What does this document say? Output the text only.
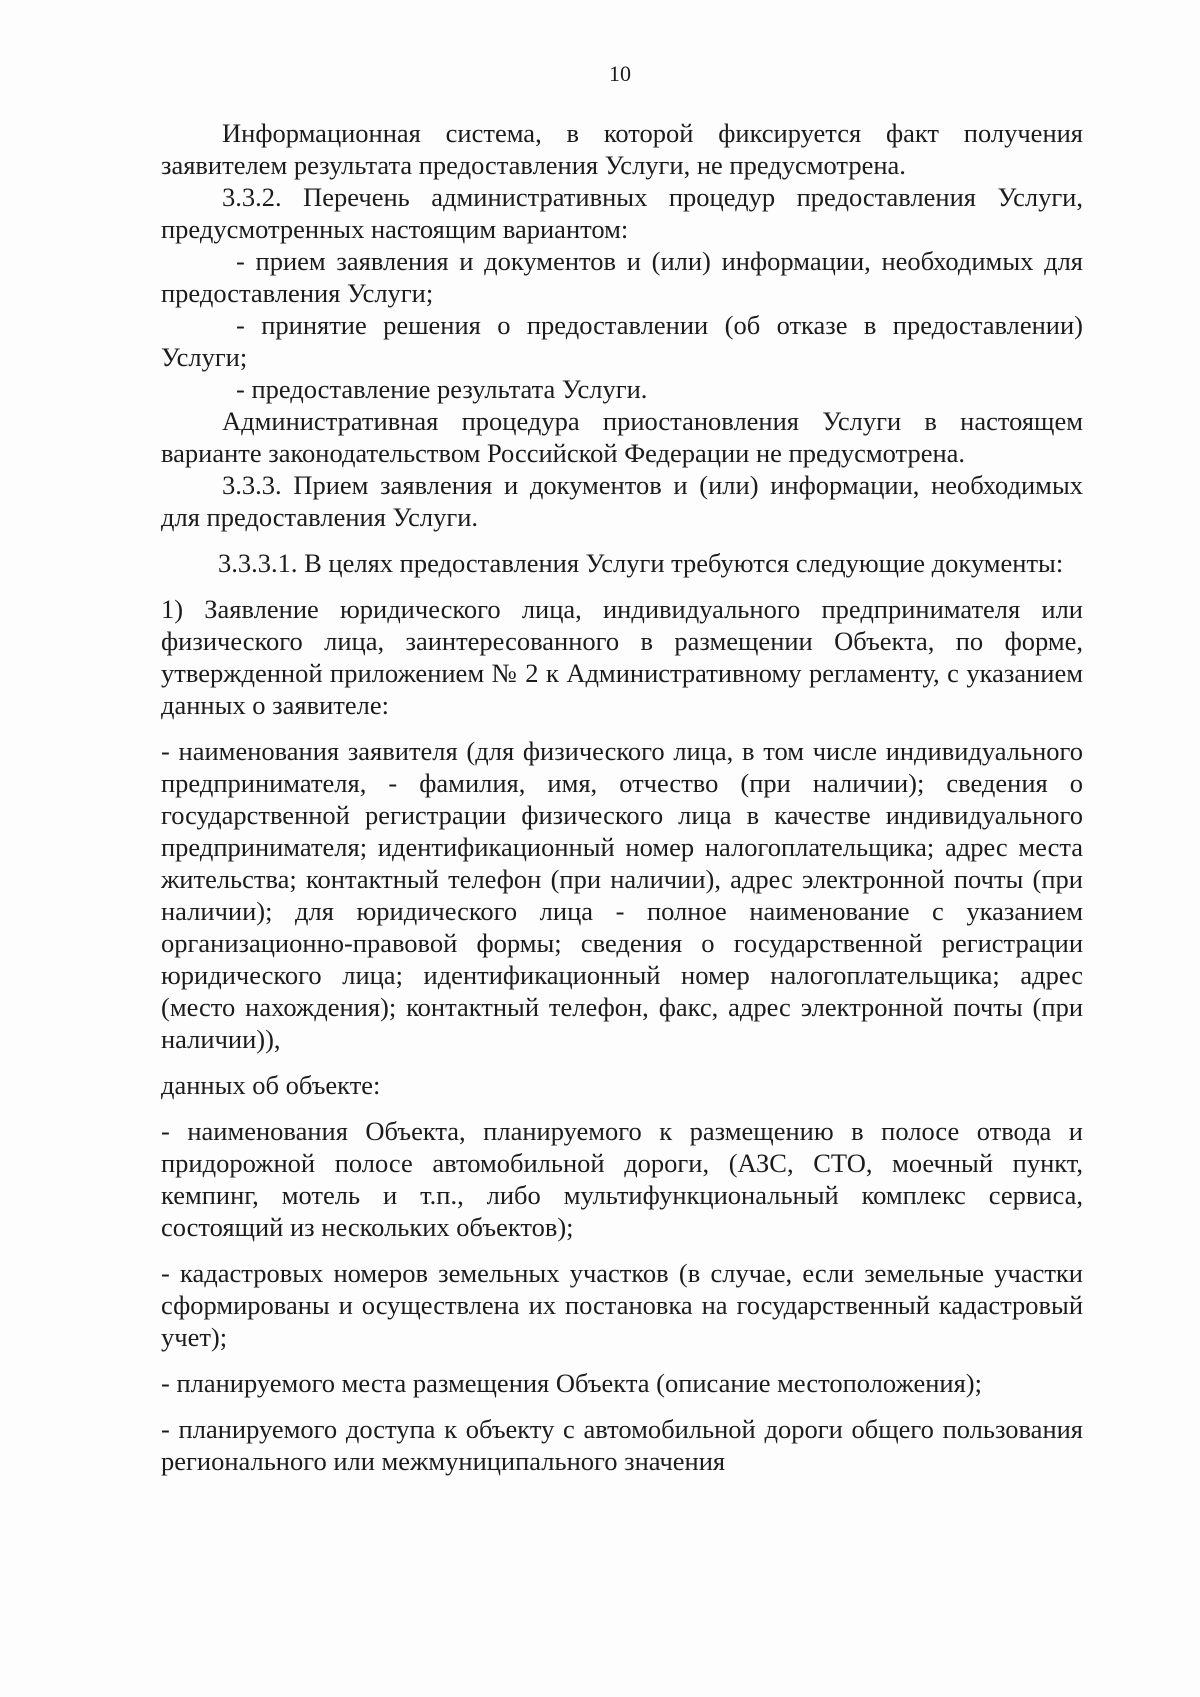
10

Информационная система, в которой фиксируется факт получения заявителем результата предоставления Услуги, не предусмотрена.

3.3.2. Перечень административных процедур предоставления Услуги, предусмотренных настоящим вариантом:

- прием заявления и документов и (или) информации, необходимых для предоставления Услуги;

- принятие решения о предоставлении (об отказе в предоставлении) Услуги;

- предоставление результата Услуги.

Административная процедура приостановления Услуги в настоящем варианте законодательством Российской Федерации не предусмотрена.

3.3.3. Прием заявления и документов и (или) информации, необходимых для предоставления Услуги.

3.3.3.1. В целях предоставления Услуги требуются следующие документы:

1) Заявление юридического лица, индивидуального предпринимателя или физического лица, заинтересованного в размещении Объекта, по форме, утвержденной приложением № 2 к Административному регламенту, с указанием данных о заявителе:

- наименования заявителя (для физического лица, в том числе индивидуального предпринимателя, - фамилия, имя, отчество (при наличии); сведения о государственной регистрации физического лица в качестве индивидуального предпринимателя; идентификационный номер налогоплательщика; адрес места жительства; контактный телефон (при наличии), адрес электронной почты (при наличии); для юридического лица - полное наименование с указанием организационно-правовой формы; сведения о государственной регистрации юридического лица; идентификационный номер налогоплательщика; адрес (место нахождения); контактный телефон, факс, адрес электронной почты (при наличии)),

данных об объекте:

- наименования Объекта, планируемого к размещению в полосе отвода и придорожной полосе автомобильной дороги, (АЗС, СТО, моечный пункт, кемпинг, мотель и т.п., либо мультифункциональный комплекс сервиса, состоящий из нескольких объектов);

- кадастровых номеров земельных участков (в случае, если земельные участки сформированы и осуществлена их постановка на государственный кадастровый учет);

- планируемого места размещения Объекта (описание местоположения);

- планируемого доступа к объекту с автомобильной дороги общего пользования регионального или межмуниципального значения
